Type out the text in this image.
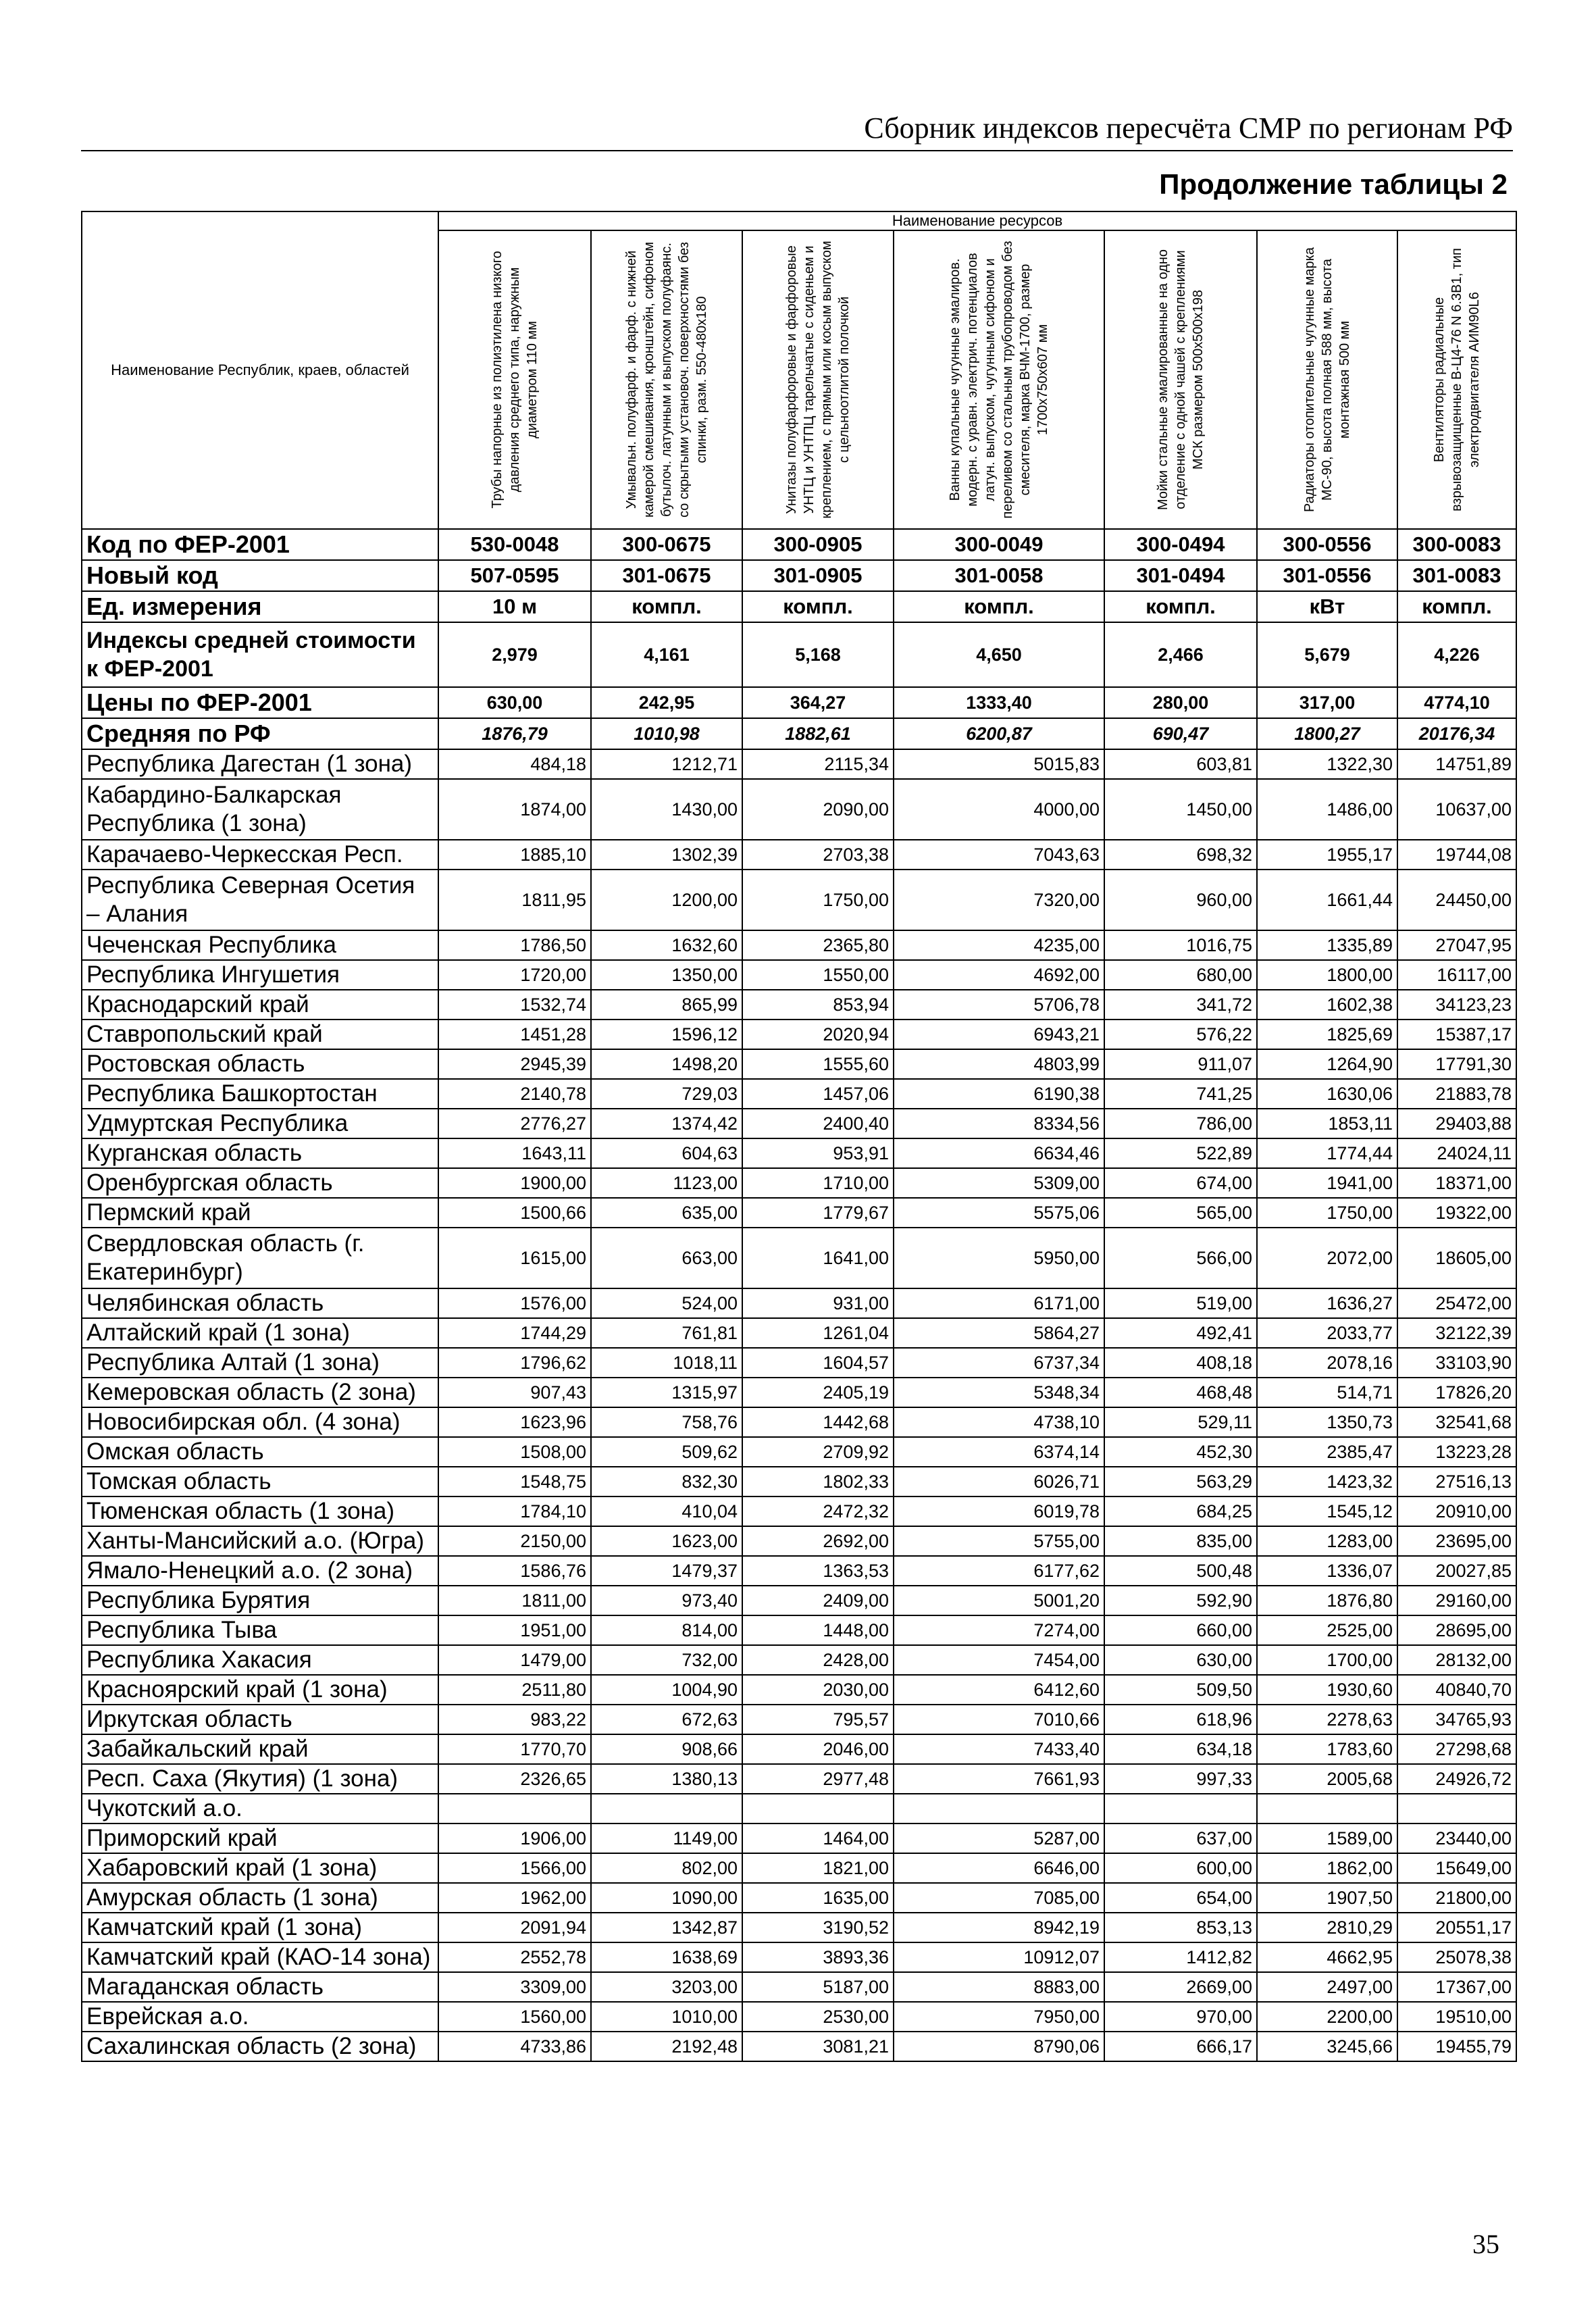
Сборник индексов пересчёта СМР по регионам РФ
Продолжение таблицы 2
Наименование Республик, краев, областей	Наименование ресурсов						

	Трубы напорные из полиэтилена низкого давления среднего типа, наружным диаметром 110 мм	Умывальн. полуфарф. и фарф. с нижней камерой смешивания, кронштейн, сифоном бутылоч. латунным и выпуском полуфаянс. со скрытыми установоч. поверхностями без спинки, разм. 550-480х180	Унитазы полуфарфоровые и фарфоровые УНТЦ и УНТПЦ тарельчатые с сиденьем и креплением, с прямым или косым выпуском с цельноотлитой полочкой	Ванны купальные чугунные эмалиров. модерн. с уравн. электрич. потенциалов латун. выпуском, чугунным сифоном и переливом со стальным трубопроводом без смесителя, марка ВЧМ-1700, размер 1700х750х607 мм	Мойки стальные эмалированные на одно отделение с одной чашей с креплениями МСК размером 500х500х198	Радиаторы отопительные чугунные марка МС-90, высота полная 588 мм, высота монтажная 500 мм	Вентиляторы радиальные взрывозащищенные В-Ц4-76 N 6.3В1, тип электродвигателя АИМ90L6

Код по ФЕР-2001	530-0048	300-0675	300-0905	300-0049	300-0494	300-0556	300-0083
Новый код	507-0595	301-0675	301-0905	301-0058	301-0494	301-0556	301-0083
Ед. измерения	10 м	компл.	компл.	компл.	компл.	кВт	компл.
Индексы средней стоимости к ФЕР-2001	2,979	4,161	5,168	4,650	2,466	5,679	4,226
Цены по ФЕР-2001	630,00	242,95	364,27	1333,40	280,00	317,00	4774,10
Средняя по РФ	1876,79	1010,98	1882,61	6200,87	690,47	1800,27	20176,34
Республика Дагестан (1 зона)	484,18	1212,71	2115,34	5015,83	603,81	1322,30	14751,89
Кабардино-Балкарская Республика (1 зона)	1874,00	1430,00	2090,00	4000,00	1450,00	1486,00	10637,00
Карачаево-Черкесская Респ.	1885,10	1302,39	2703,38	7043,63	698,32	1955,17	19744,08
Республика Северная Осетия – Алания	1811,95	1200,00	1750,00	7320,00	960,00	1661,44	24450,00
Чеченская Республика	1786,50	1632,60	2365,80	4235,00	1016,75	1335,89	27047,95
Республика Ингушетия	1720,00	1350,00	1550,00	4692,00	680,00	1800,00	16117,00
Краснодарский край	1532,74	865,99	853,94	5706,78	341,72	1602,38	34123,23
Ставропольский край	1451,28	1596,12	2020,94	6943,21	576,22	1825,69	15387,17
Ростовская область	2945,39	1498,20	1555,60	4803,99	911,07	1264,90	17791,30
Республика Башкортостан	2140,78	729,03	1457,06	6190,38	741,25	1630,06	21883,78
Удмуртская Республика	2776,27	1374,42	2400,40	8334,56	786,00	1853,11	29403,88
Курганская область	1643,11	604,63	953,91	6634,46	522,89	1774,44	24024,11
Оренбургская область	1900,00	1123,00	1710,00	5309,00	674,00	1941,00	18371,00
Пермский край	1500,66	635,00	1779,67	5575,06	565,00	1750,00	19322,00
Свердловская область (г. Екатеринбург)	1615,00	663,00	1641,00	5950,00	566,00	2072,00	18605,00
Челябинская область	1576,00	524,00	931,00	6171,00	519,00	1636,27	25472,00
Алтайский край (1 зона)	1744,29	761,81	1261,04	5864,27	492,41	2033,77	32122,39
Республика Алтай (1 зона)	1796,62	1018,11	1604,57	6737,34	408,18	2078,16	33103,90
Кемеровская область (2 зона)	907,43	1315,97	2405,19	5348,34	468,48	514,71	17826,20
Новосибирская обл. (4 зона)	1623,96	758,76	1442,68	4738,10	529,11	1350,73	32541,68
Омская область	1508,00	509,62	2709,92	6374,14	452,30	2385,47	13223,28
Томская область	1548,75	832,30	1802,33	6026,71	563,29	1423,32	27516,13
Тюменская область (1 зона)	1784,10	410,04	2472,32	6019,78	684,25	1545,12	20910,00
Ханты-Мансийский а.о. (Югра)	2150,00	1623,00	2692,00	5755,00	835,00	1283,00	23695,00
Ямало-Ненецкий а.о. (2 зона)	1586,76	1479,37	1363,53	6177,62	500,48	1336,07	20027,85
Республика Бурятия	1811,00	973,40	2409,00	5001,20	592,90	1876,80	29160,00
Республика Тыва	1951,00	814,00	1448,00	7274,00	660,00	2525,00	28695,00
Республика Хакасия	1479,00	732,00	2428,00	7454,00	630,00	1700,00	28132,00
Красноярский край (1 зона)	2511,80	1004,90	2030,00	6412,60	509,50	1930,60	40840,70
Иркутская область	983,22	672,63	795,57	7010,66	618,96	2278,63	34765,93
Забайкальский край	1770,70	908,66	2046,00	7433,40	634,18	1783,60	27298,68
Респ. Саха (Якутия) (1 зона)	2326,65	1380,13	2977,48	7661,93	997,33	2005,68	24926,72
Чукотский а.о.							
Приморский край	1906,00	1149,00	1464,00	5287,00	637,00	1589,00	23440,00
Хабаровский край (1 зона)	1566,00	802,00	1821,00	6646,00	600,00	1862,00	15649,00
Амурская область (1 зона)	1962,00	1090,00	1635,00	7085,00	654,00	1907,50	21800,00
Камчатский край (1 зона)	2091,94	1342,87	3190,52	8942,19	853,13	2810,29	20551,17
Камчатский край (КАО-14 зона)	2552,78	1638,69	3893,36	10912,07	1412,82	4662,95	25078,38
Магаданская область	3309,00	3203,00	5187,00	8883,00	2669,00	2497,00	17367,00
Еврейская а.о.	1560,00	1010,00	2530,00	7950,00	970,00	2200,00	19510,00
Сахалинская область (2 зона)	4733,86	2192,48	3081,21	8790,06	666,17	3245,66	19455,79
35
